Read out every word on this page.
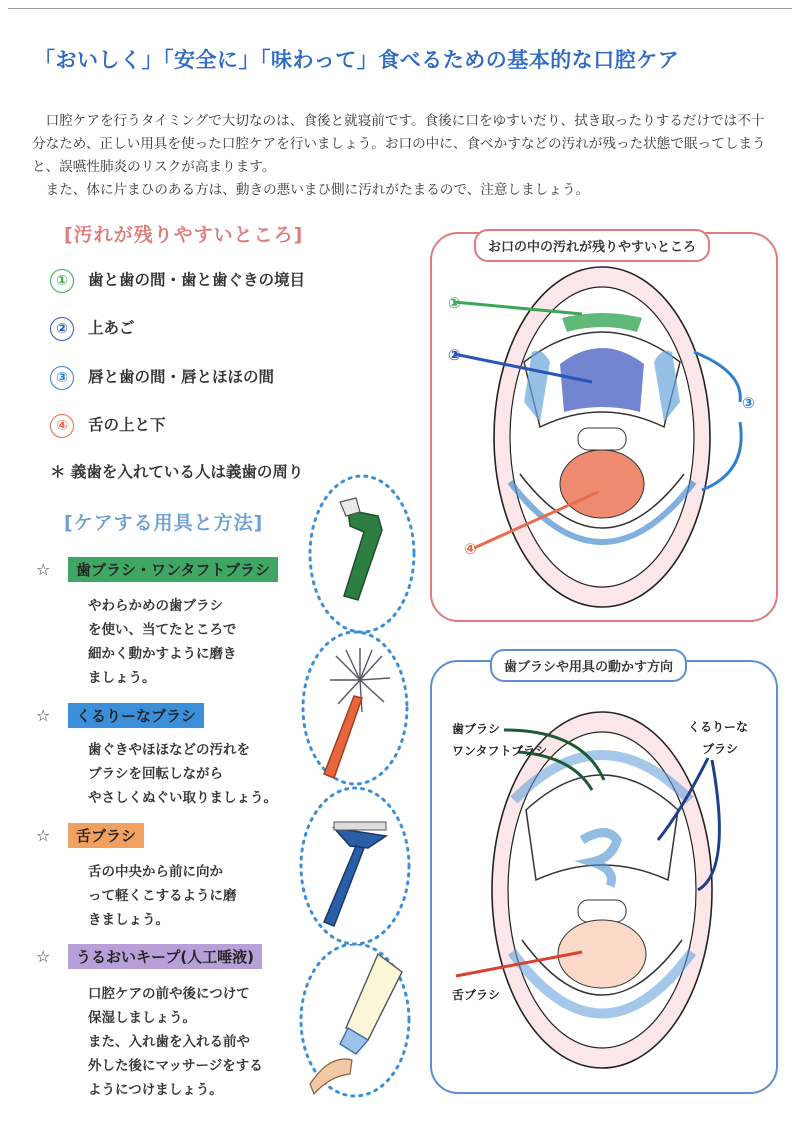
「おいしく」「安全に」「味わって」食べるための基本的な口腔ケア

口腔ケアを行うタイミングで大切なのは、食後と就寝前です。食後に口をゆすいだり、拭き取ったりするだけでは不十分なため、正しい用具を使った口腔ケアを行いましょう。お口の中に、食べかすなどの汚れが残った状態で眠ってしまうと、誤嚥性肺炎のリスクが高まります。

また、体に片まひのある方は、動きの悪いまひ側に汚れがたまるので、注意しましょう。

[汚れが残りやすいところ]
① 歯と歯の間・歯と歯ぐきの境目
② 上あご
③ 唇と歯の間・唇とほほの間
④ 舌の上と下
＊ 義歯を入れている人は義歯の周り
[ケアする用具と方法]
☆	歯ブラシ・ワンタフトブラシ
やわらかめの歯ブラシ
を使い、当てたところで
細かく動かすように磨き
ましょう。
☆	くるりーなブラシ
歯ぐきやほほなどの汚れを
ブラシを回転しながら
やさしくぬぐい取りましょう。
☆	舌ブラシ
舌の中央から前に向か
って軽くこするように磨
きましょう。
☆	うるおいキープ(人工唾液)
口腔ケアの前や後につけて
保湿しましょう。
また、入れ歯を入れる前や
外した後にマッサージをする
ようにつけましょう。
お口の中の汚れが残りやすいところ
①
②
③
④
歯ブラシや用具の動かす方向
歯ブラシ
ワンタフトブラシ
くるりーな
ブラシ
舌ブラシ
